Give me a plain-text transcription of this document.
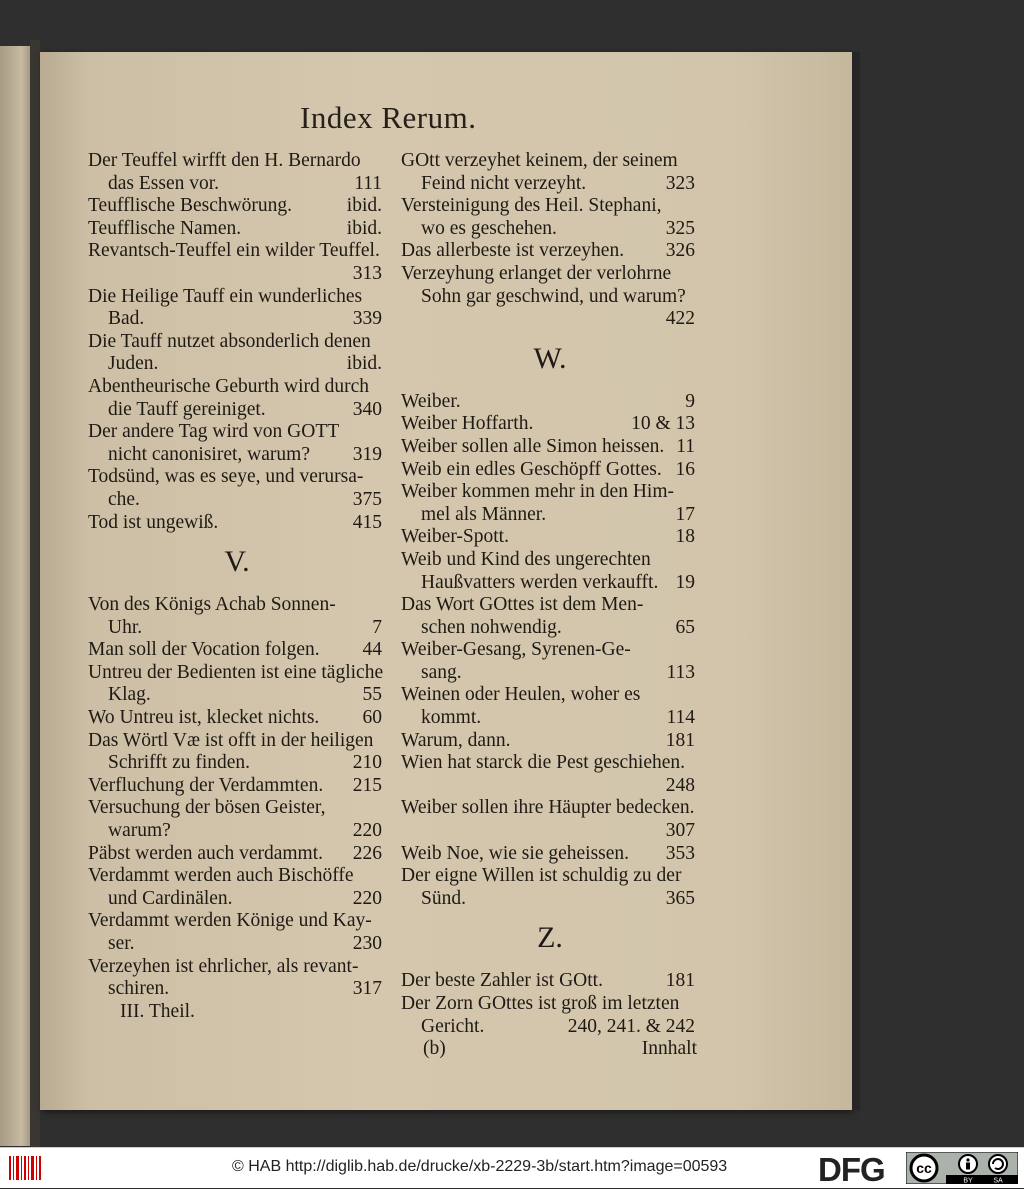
Index Rerum.
Der Teuffel wirfft den H. Bernardo
das Essen vor.	111
Teufflische Beschwörung.	ibid.
Teufflische Namen.	ibid.
Revantsch-Teuffel ein wilder Teuffel.
313
Die Heilige Tauff ein wunderliches
Bad.	339
Die Tauff nutzet absonderlich denen
Juden.	ibid.
Abentheurische Geburth wird durch
die Tauff gereiniget.	340
Der andere Tag wird von GOTT
nicht canonisiret, warum?	319
Todsünd, was es seye, und verursa-
che.	375
Tod ist ungewiß.	415
V.
Von des Königs Achab Sonnen-
Uhr.	7
Man soll der Vocation folgen.	44
Untreu der Bedienten ist eine tägliche
Klag.	55
Wo Untreu ist, klecket nichts.	60
Das Wörtl Væ ist offt in der heiligen
Schrifft zu finden.	210
Verfluchung der Verdammten.	215
Versuchung der bösen Geister,
warum?	220
Päbst werden auch verdammt.	226
Verdammt werden auch Bischöffe
und Cardinälen.	220
Verdammt werden Könige und Kay-
ser.	230
Verzeyhen ist ehrlicher, als revant-
schiren.	317
III. Theil.
GOtt verzeyhet keinem, der seinem
Feind nicht verzeyht.	323
Versteinigung des Heil. Stephani,
wo es geschehen.	325
Das allerbeste ist verzeyhen.	326
Verzeyhung erlanget der verlohrne
Sohn gar geschwind, und warum?
422
W.
Weiber.	9
Weiber Hoffarth.	10 & 13
Weiber sollen alle Simon heissen. 11
Weib ein edles Geschöpff Gottes. 16
Weiber kommen mehr in den Him-
mel als Männer.	17
Weiber-Spott.	18
Weib und Kind des ungerechten
Haußvatters werden verkaufft. 19
Das Wort GOttes ist dem Men-
schen nohwendig.	65
Weiber-Gesang, Syrenen-Ge-
sang.	113
Weinen oder Heulen, woher es
kommt.	114
Warum, dann.	181
Wien hat starck die Pest geschiehen.
248
Weiber sollen ihre Häupter bedecken.
307
Weib Noe, wie sie geheissen.	353
Der eigne Willen ist schuldig zu der
Sünd.	365
Z.
Der beste Zahler ist GOtt.	181
Der Zorn GOttes ist groß im letzten
Gericht.	240, 241. & 242
(b)	Innhalt
© HAB http://diglib.hab.de/drucke/xb-2229-3b/start.htm?image=00593	DFG cc
BY	SA
